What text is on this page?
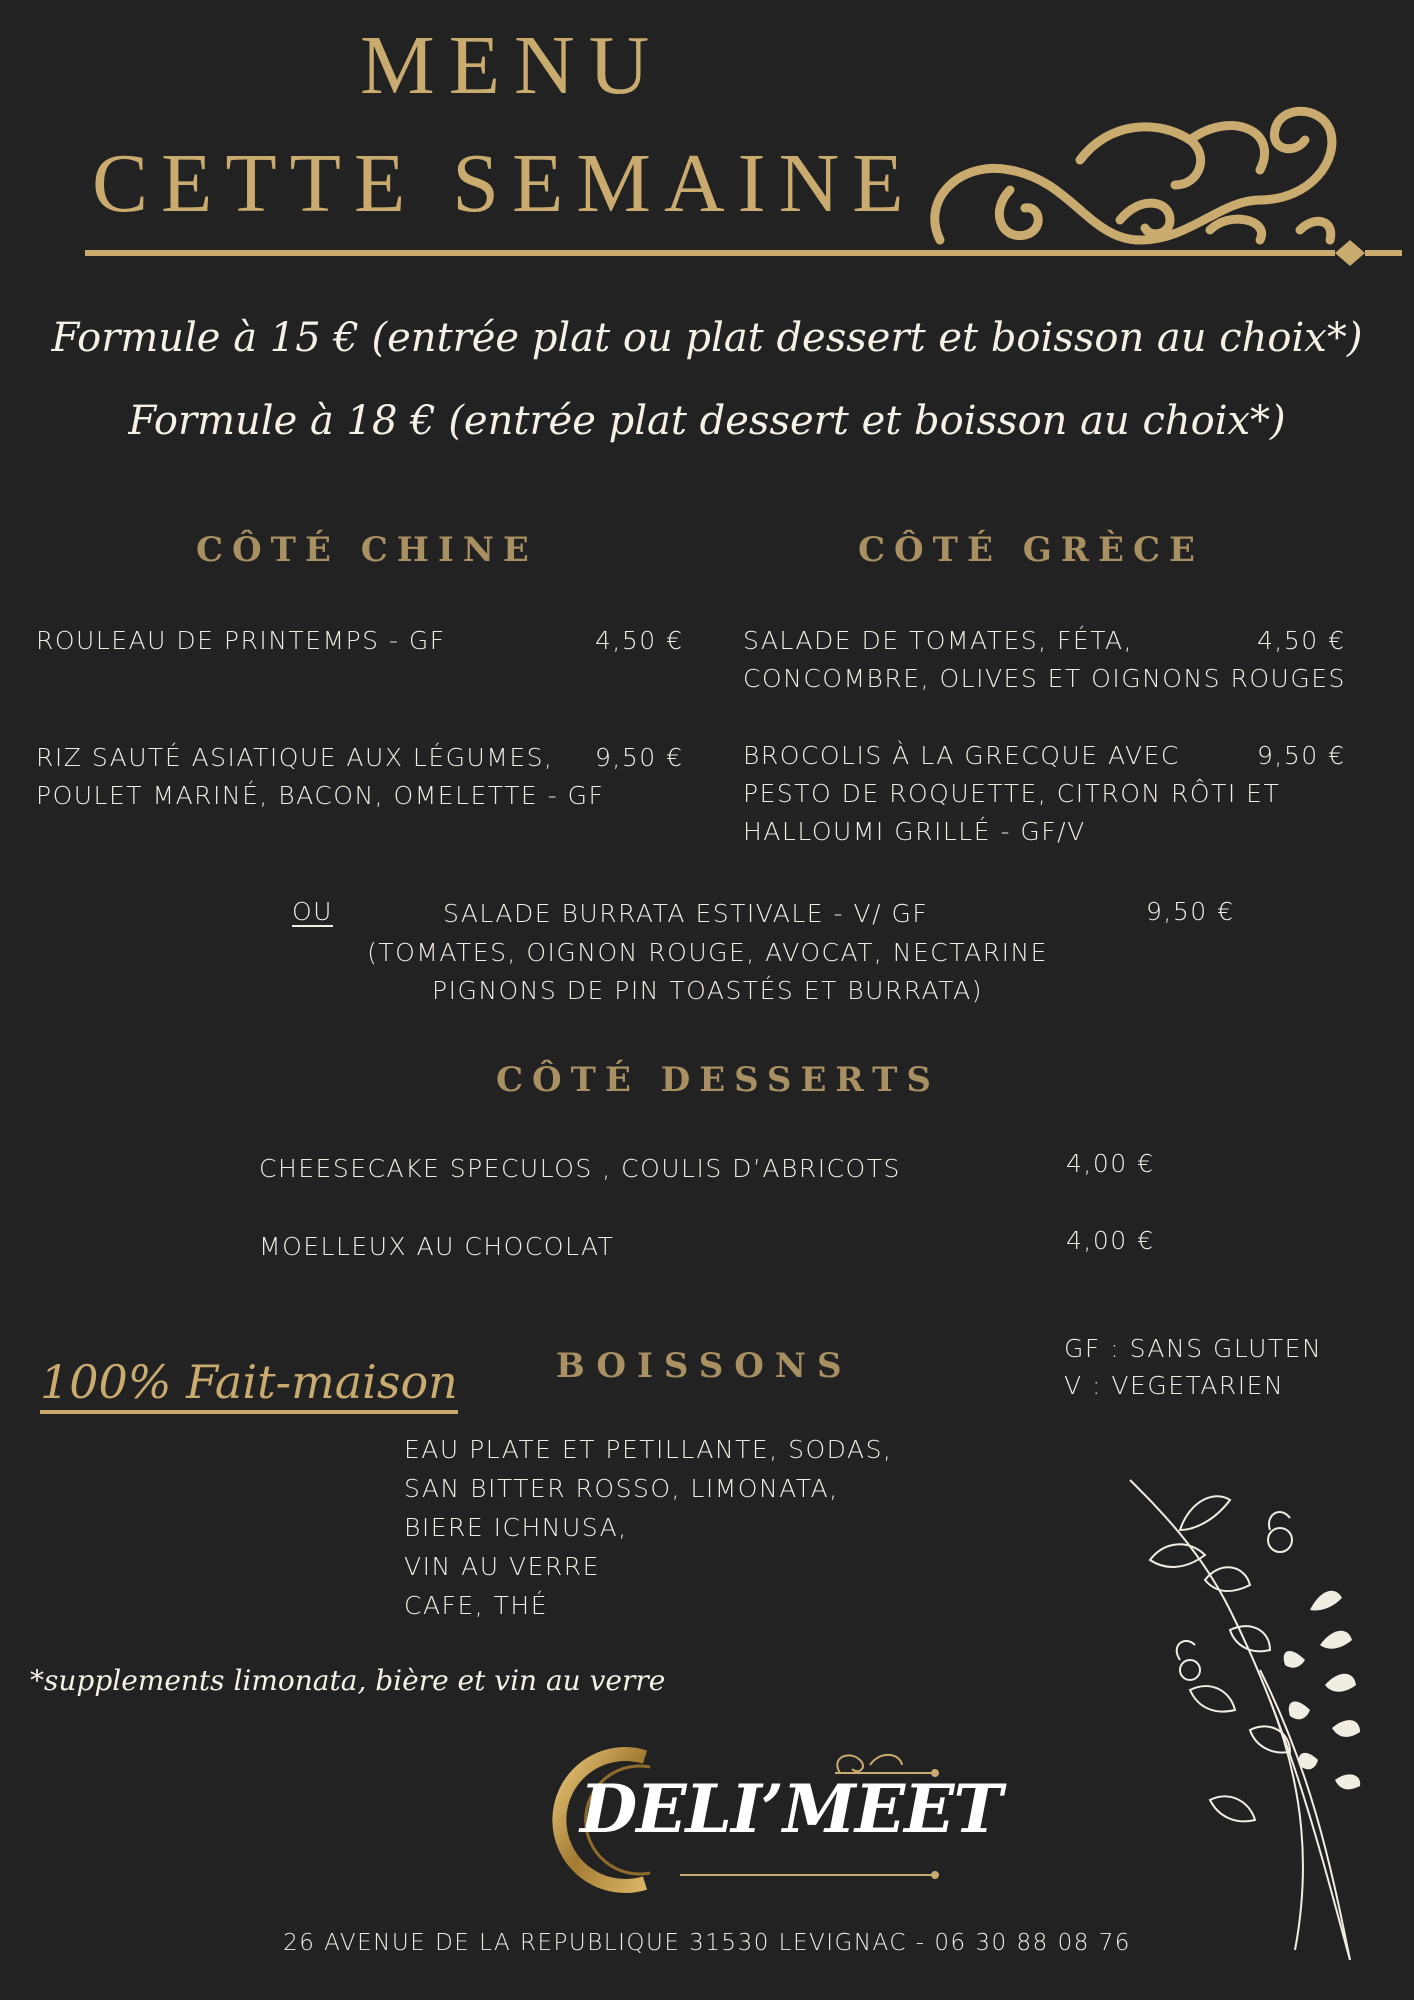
MENU
CETTE SEMAINE
Formule à 15 € (entrée plat ou plat dessert et boisson au choix*)
Formule à 18 € (entrée plat dessert et boisson au choix*)
CÔTÉ CHINE
ROULEAU DE PRINTEMPS - GF	4,50 €
RIZ SAUTÉ ASIATIQUE AUX LÉGUMES,
POULET MARINÉ, BACON, OMELETTE - GF
9,50 €
CÔTÉ GRÈCE
SALADE DE TOMATES, FÉTA,
CONCOMBRE, OLIVES ET OIGNONS ROUGES
4,50 €
BROCOLIS À LA GRECQUE AVEC
PESTO DE ROQUETTE, CITRON RÔTI ET
HALLOUMI GRILLÉ - GF/V
9,50 €
OU	SALADE BURRATA ESTIVALE - V/ GF	9,50 €
(TOMATES, OIGNON ROUGE, AVOCAT, NECTARINE
PIGNONS DE PIN TOASTÉS ET BURRATA)
CÔTÉ DESSERTS
CHEESECAKE SPECULOS , COULIS D’ABRICOTS	4,00 €
MOELLEUX AU CHOCOLAT	4,00 €
100% Fait-maison	BOISSONS
EAU PLATE ET PETILLANTE, SODAS,
SAN BITTER ROSSO, LIMONATA,
BIERE ICHNUSA,
VIN AU VERRE
CAFE, THÉ
GF : SANS GLUTEN
V : VEGETARIEN
*supplements limonata, bière et vin au verre
DELI’MEET
26 AVENUE DE LA REPUBLIQUE 31530 LEVIGNAC - 06 30 88 08 76
